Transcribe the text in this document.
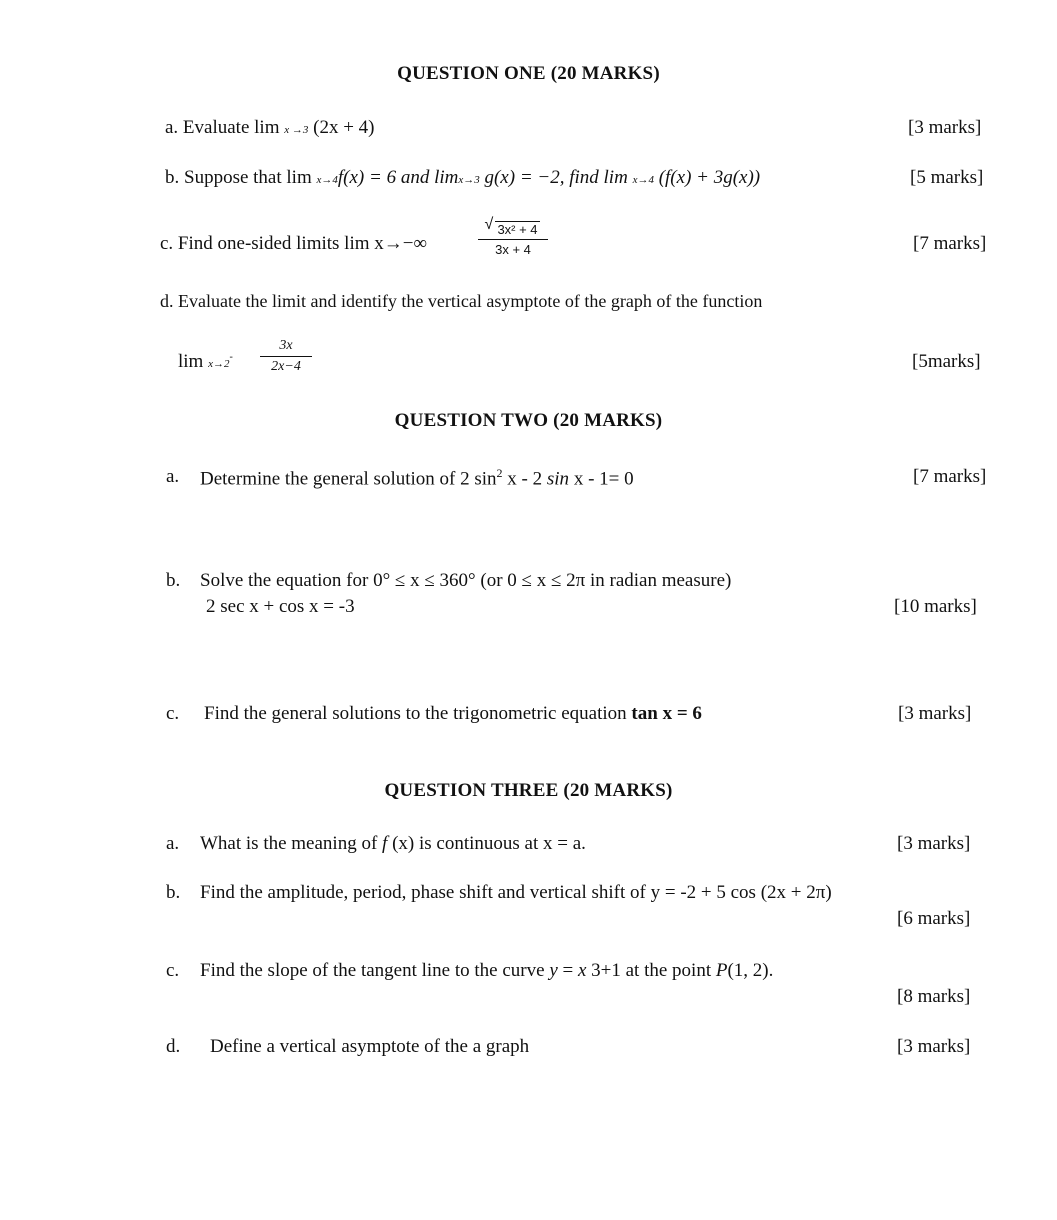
QUESTION ONE (20 MARKS)
a. Evaluate lim x →3 (2x + 4)	[3 marks]
b. Suppose that lim x→4f(x) = 6 and limx→3 g(x) = −2, find lim x→4 (f(x) + 3g(x))	[5 marks]
c. Find one-sided limits lim x→−∞
√ 3x² + 4
3x + 4	[7 marks]
d. Evaluate the limit and identify the vertical asymptote of the graph of the function
lim x→2-
3x
2x−4	[5marks]
QUESTION TWO (20 MARKS)
a. Determine the general solution of 2 $\sin^2 x - 2$ sin x - 1= 0	[7 marks]
b. Solve the equation for 0° ≤ x ≤ 360° (or 0 ≤ x ≤ 2π in radian measure)
2 sec x + cos x = -3	[10 marks]
c. Find the general solutions to the trigonometric equation tan x = 6	[3 marks]
QUESTION THREE (20 MARKS)
a. What is the meaning of f (x) is continuous at x = a.	[3 marks]
b. Find the amplitude, period, phase shift and vertical shift of y = -2 + 5 cos (2x + 2π)
[6 marks]
c. Find the slope of the tangent line to the curve y = x 3+1 at the point P(1, 2).
[8 marks]
d. Define a vertical asymptote of the a graph	[3 marks]
